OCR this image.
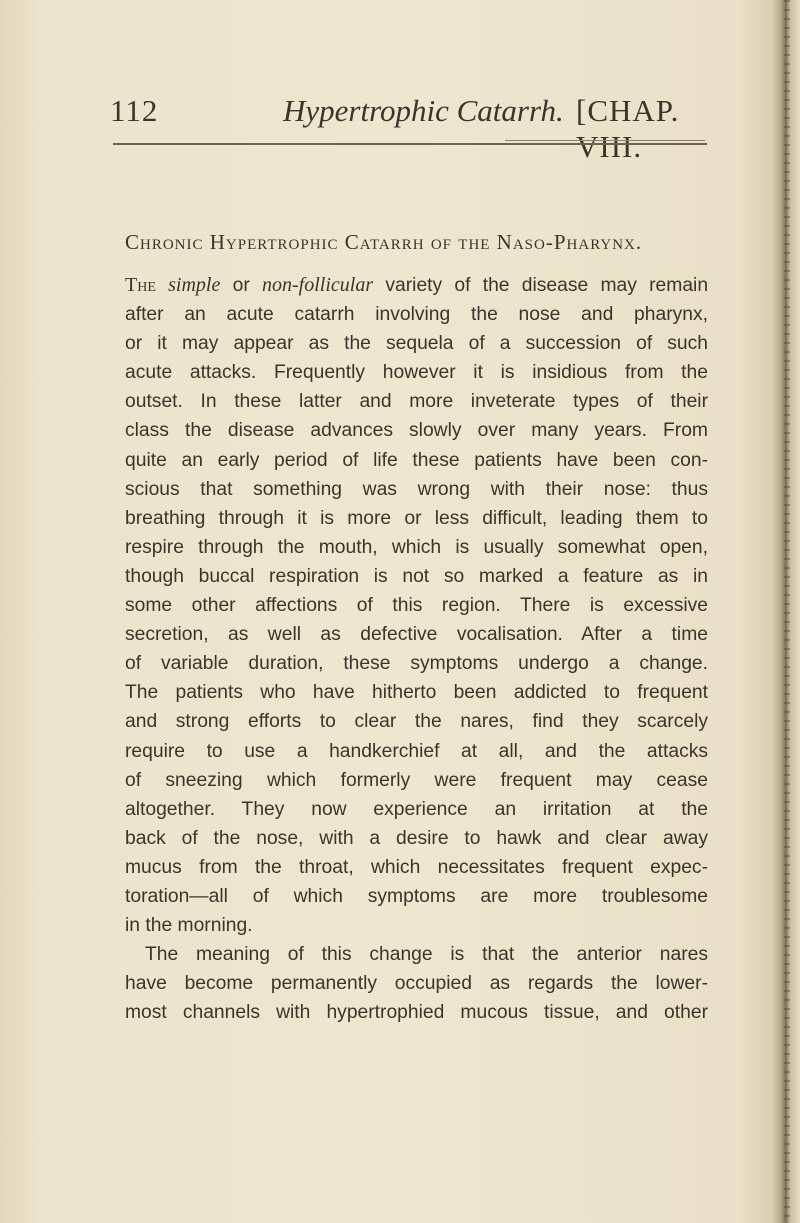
112	Hypertrophic Catarrh. [CHAP. VIII.
Chronic Hypertrophic Catarrh of the Naso-Pharynx.
The simple or non-follicular variety of the disease may remain
after an acute catarrh involving the nose and pharynx,
or it may appear as the sequela of a succession of such
acute attacks. Frequently however it is insidious from the
outset. In these latter and more inveterate types of their
class the disease advances slowly over many years. From
quite an early period of life these patients have been con-
scious that something was wrong with their nose: thus
breathing through it is more or less difficult, leading them to
respire through the mouth, which is usually somewhat open,
though buccal respiration is not so marked a feature as in
some other affections of this region. There is excessive
secretion, as well as defective vocalisation. After a time
of variable duration, these symptoms undergo a change.
The patients who have hitherto been addicted to frequent
and strong efforts to clear the nares, find they scarcely
require to use a handkerchief at all, and the attacks
of sneezing which formerly were frequent may cease
altogether. They now experience an irritation at the
back of the nose, with a desire to hawk and clear away
mucus from the throat, which necessitates frequent expec-
toration—all of which symptoms are more troublesome
in the morning.
The meaning of this change is that the anterior nares
have become permanently occupied as regards the lower-
most channels with hypertrophied mucous tissue, and other
